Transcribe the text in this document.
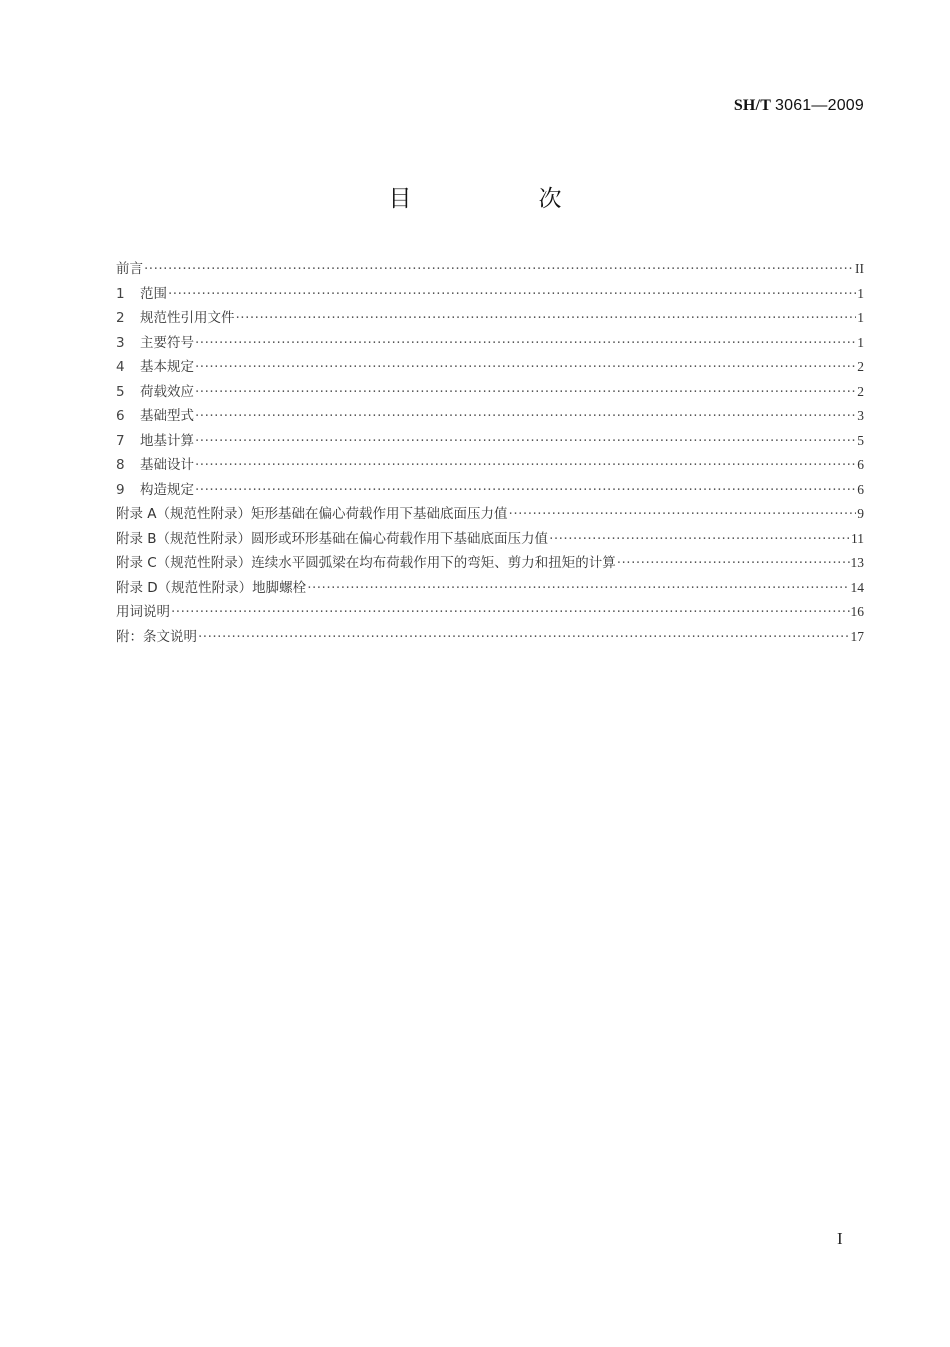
SH/T 3061—2009
目　次
前言 ·····	II
1	范围 ·····	1
2	规范性引用文件 ·····	1
3	主要符号 ·····	1
4	基本规定 ·····	2
5	荷载效应 ·····	2
6	基础型式 ·····	3
7	地基计算 ·····	5
8	基础设计 ·····	6
9	构造规定 ·····	6
附录 A（规范性附录）矩形基础在偏心荷载作用下基础底面压力值 ·····	9
附录 B（规范性附录）圆形或环形基础在偏心荷载作用下基础底面压力值 ·····	11
附录 C（规范性附录）连续水平圆弧梁在均布荷载作用下的弯矩、剪力和扭矩的计算 ·····	13
附录 D（规范性附录）地脚螺栓 ·····	14
用词说明 ·····	16
附：条文说明 ·····	17
I
